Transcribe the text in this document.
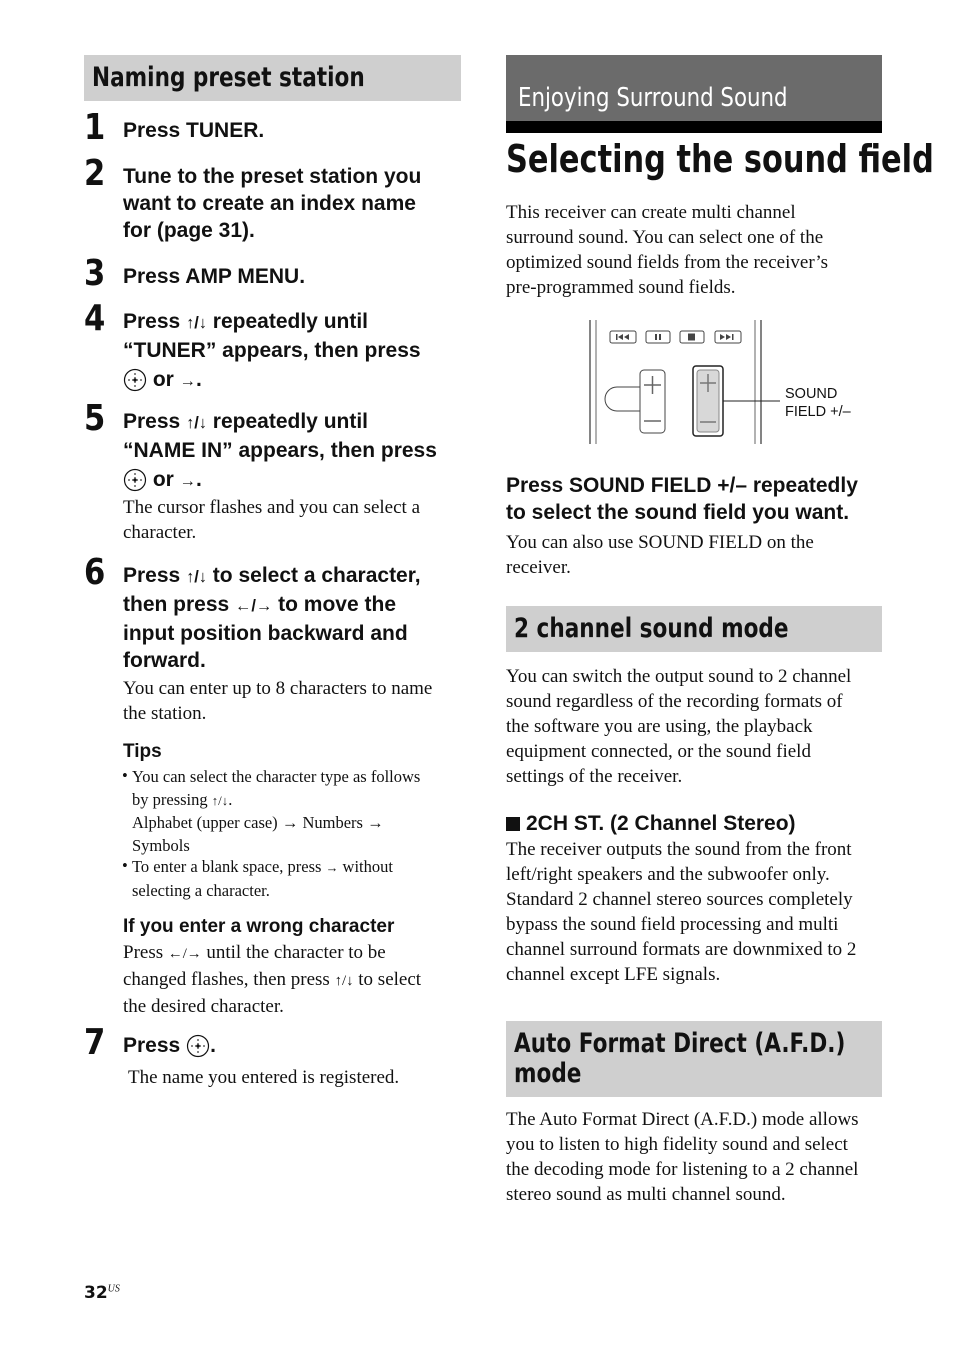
Naming preset station
1 Press TUNER.
2 Tune to the preset station you
want to create an index name
for (page 31).
3 Press AMP MENU.
4 Press ↑/↓ repeatedly until
“TUNER” appears, then press
or →.
5 Press ↑/↓ repeatedly until
“NAME IN” appears, then press
or →.
The cursor flashes and you can select a
character.
6 Press ↑/↓ to select a character,
then press ←/→ to move the
input position backward and
forward.
You can enter up to 8 characters to name
the station.
Tips
• You can select the character type as follows
by pressing ↑/↓.
Alphabet (upper case) → Numbers →
Symbols
• To enter a blank space, press → without
selecting a character.
If you enter a wrong character
Press ←/→ until the character to be
changed flashes, then press ↑/↓ to select
the desired character.
7 Press .
The name you entered is registered.
Enjoying Surround Sound
Selecting the sound field
This receiver can create multi channel
surround sound. You can select one of the
optimized sound fields from the receiver’s
pre-programmed sound fields.
SOUND
FIELD +/–
Press SOUND FIELD +/– repeatedly
to select the sound field you want.
You can also use SOUND FIELD on the
receiver.
2 channel sound mode
You can switch the output sound to 2 channel
sound regardless of the recording formats of
the software you are using, the playback
equipment connected, or the sound field
settings of the receiver.
2CH ST. (2 Channel Stereo)
The receiver outputs the sound from the front
left/right speakers and the subwoofer only.
Standard 2 channel stereo sources completely
bypass the sound field processing and multi
channel surround formats are downmixed to 2
channel except LFE signals.
Auto Format Direct (A.F.D.)
mode
The Auto Format Direct (A.F.D.) mode allows
you to listen to high fidelity sound and select
the decoding mode for listening to a 2 channel
stereo sound as multi channel sound.
$32^{US}$
